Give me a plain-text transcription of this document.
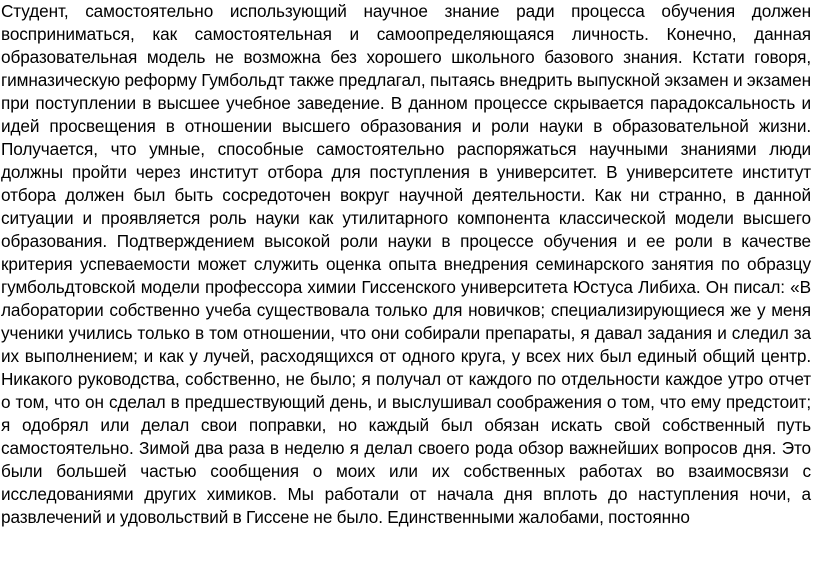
Студент, самостоятельно использующий научное знание ради процесса обучения должен восприниматься, как самостоятельная и самоопределяющаяся личность. Конечно, данная образовательная модель не возможна без хорошего школьного базового знания. Кстати говоря, гимназическую реформу Гумбольдт также предлагал, пытаясь внедрить выпускной экзамен и экзамен при поступлении в высшее учебное заведение. В данном процессе скрывается парадоксальность и идей просвещения в отношении высшего образования и роли науки в образовательной жизни. Получается, что умные, способные самостоятельно распоряжаться научными знаниями люди должны пройти через институт отбора для поступления в университет. В университете институт отбора должен был быть сосредоточен вокруг научной деятельности. Как ни странно, в данной ситуации и проявляется роль науки как утилитарного компонента классической модели высшего образования. Подтверждением высокой роли науки в процессе обучения и ее роли в качестве критерия успеваемости может служить оценка опыта внедрения семинарского занятия по образцу гумбольдтовской модели профессора химии Гиссенского университета Юстуса Либиха. Он писал: «В лаборатории собственно учеба существовала только для новичков; специализирующиеся же у меня ученики учились только в том отношении, что они собирали препараты, я давал задания и следил за их выполнением; и как у лучей, расходящихся от одного круга, у всех них был единый общий центр. Никакого руководства, собственно, не было; я получал от каждого по отдельности каждое утро отчет о том, что он сделал в предшествующий день, и выслушивал соображения о том, что ему предстоит; я одобрял или делал свои поправки, но каждый был обязан искать свой собственный путь самостоятельно. Зимой два раза в неделю я делал своего рода обзор важнейших вопросов дня. Это были большей частью сообщения о моих или их собственных работах во взаимосвязи с исследованиями других химиков. Мы работали от начала дня вплоть до наступления ночи, а развлечений и удовольствий в Гиссене не было. Единственными жалобами, постоянно
